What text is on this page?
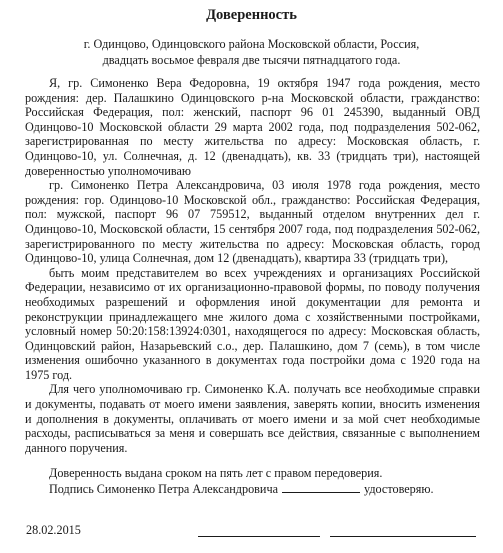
Доверенность
г. Одинцово, Одинцовского района Московской области, Россия,
двадцать восьмое февраля две тысячи пятнадцатого года.

Я, гр. Симоненко Вера Федоровна, 19 октября 1947 года рождения, место рождения: дер. Палашкино Одинцовского р-на Московской области, гражданство: Российская Федерация, пол: женский, паспорт 96 01 245390, выданный ОВД Одинцово-10 Московской области 29 марта 2002 года, под подразделения 502-062, зарегистрированная по месту жительства по адресу: Московская область, г. Одинцово-10, ул. Солнечная, д. 12 (двенадцать), кв. 33 (тридцать три), настоящей доверенностью уполномочиваю

гр. Симоненко Петра Александровича, 03 июля 1978 года рождения, место рождения: гор. Одинцово-10 Московской обл., гражданство: Российская Федерация, пол: мужской, паспорт 96 07 759512, выданный отделом внутренних дел г. Одинцово-10, Московской области, 15 сентября 2007 года, под подразделения 502-062, зарегистрированного по месту жительства по адресу: Московская область, город Одинцово-10, улица Солнечная, дом 12 (двенадцать), квартира 33 (тридцать три),

быть моим представителем во всех учреждениях и организациях Российской Федерации, независимо от их организационно-правовой формы, по поводу получения необходимых разрешений и оформления иной документации для ремонта и реконструкции принадлежащего мне жилого дома с хозяйственными постройками, условный номер 50:20:158:13924:0301, находящегося по адресу: Московская область, Одинцовский район, Назарьевский с.о., дер. Палашкино, дом 7 (семь), в том числе изменения ошибочно указанного в документах года постройки дома с 1920 года на 1975 год.

Для чего уполномочиваю гр. Симоненко К.А. получать все необходимые справки и документы, подавать от моего имени заявления, заверять копии, вносить изменения и дополнения в документы, оплачивать от моего имени и за мой счет необходимые расходы, расписываться за меня и совершать все действия, связанные с выполнением данного поручения.

Доверенность выдана сроком на пять лет с правом передоверия.
Подпись Симоненко Петра Александровича	удостоверяю.
28.02.2015
